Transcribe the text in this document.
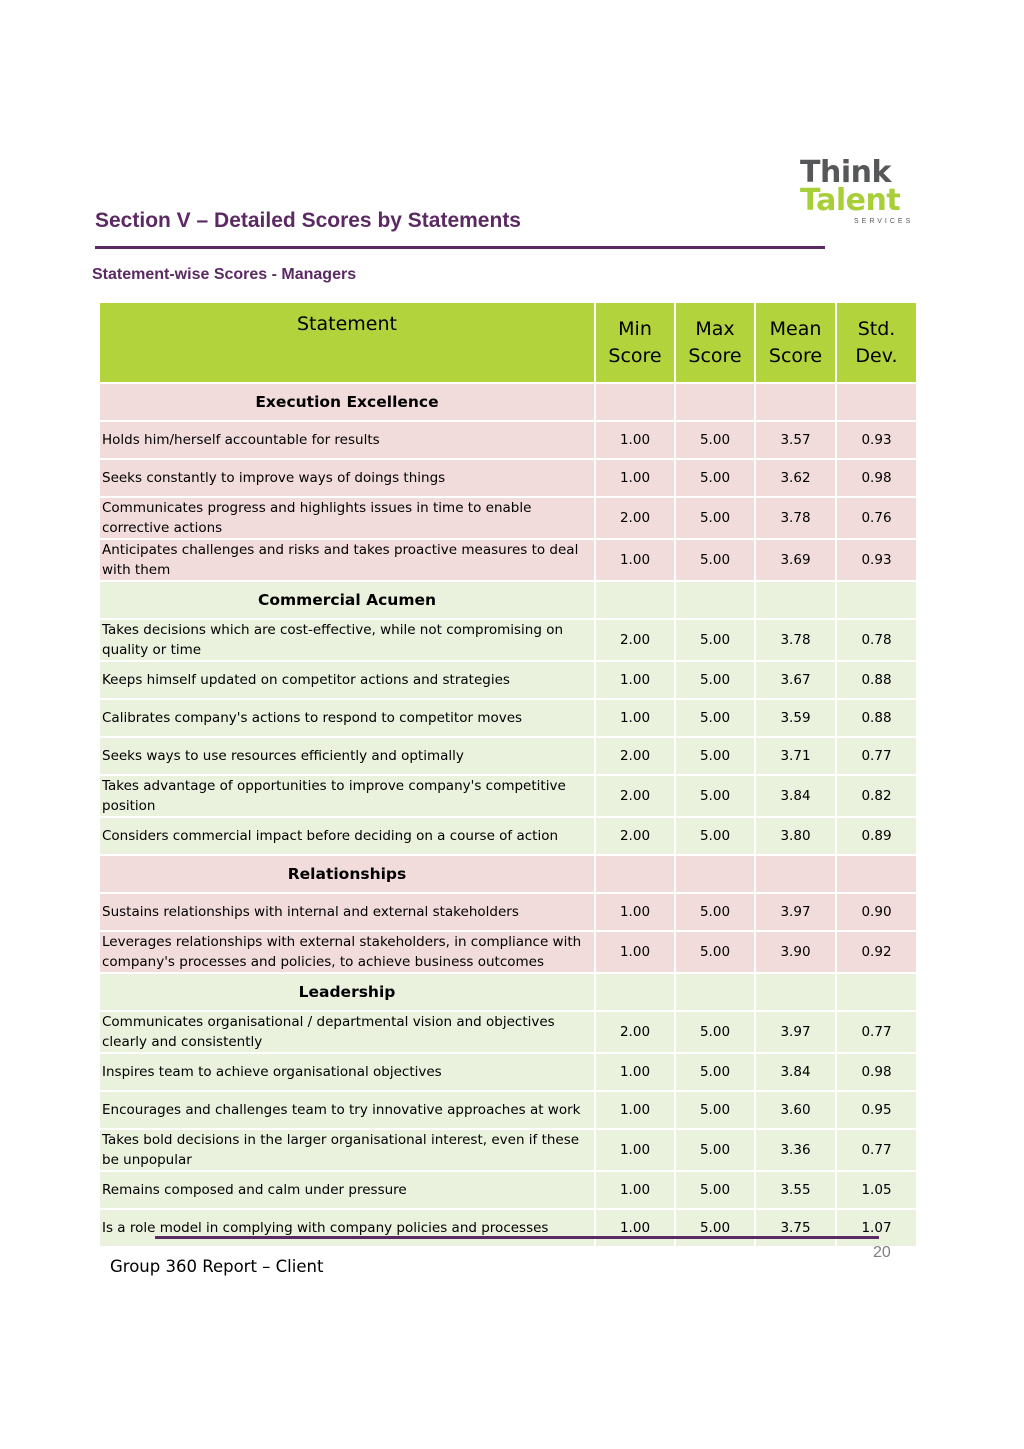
Think
Talent
SERVICES
Section V – Detailed Scores by Statements
Statement-wise Scores - Managers
Statement	Min Score	Max Score	Mean Score	Std. Dev.
Execution Excellence				
Holds him/herself accountable for results	1.00	5.00	3.57	0.93
Seeks constantly to improve ways of doings things	1.00	5.00	3.62	0.98
Communicates progress and highlights issues in time to enable corrective actions	2.00	5.00	3.78	0.76
Anticipates challenges and risks and takes proactive measures to deal with them	1.00	5.00	3.69	0.93
Commercial Acumen				
Takes decisions which are cost-effective, while not compromising on quality or time	2.00	5.00	3.78	0.78
Keeps himself updated on competitor actions and strategies	1.00	5.00	3.67	0.88
Calibrates company's actions to respond to competitor moves	1.00	5.00	3.59	0.88
Seeks ways to use resources efficiently and optimally	2.00	5.00	3.71	0.77
Takes advantage of opportunities to improve company's competitive position	2.00	5.00	3.84	0.82
Considers commercial impact before deciding on a course of action	2.00	5.00	3.80	0.89
Relationships				
Sustains relationships with internal and external stakeholders	1.00	5.00	3.97	0.90
Leverages relationships with external stakeholders, in compliance with company's processes and policies, to achieve business outcomes	1.00	5.00	3.90	0.92
Leadership				
Communicates organisational / departmental vision and objectives clearly and consistently	2.00	5.00	3.97	0.77
Inspires team to achieve organisational objectives	1.00	5.00	3.84	0.98
Encourages and challenges team to try innovative approaches at work	1.00	5.00	3.60	0.95
Takes bold decisions in the larger organisational interest, even if these be unpopular	1.00	5.00	3.36	0.77
Remains composed and calm under pressure	1.00	5.00	3.55	1.05
Is a role model in complying with company policies and processes	1.00	5.00	3.75	1.07
20
Group 360 Report – Client
